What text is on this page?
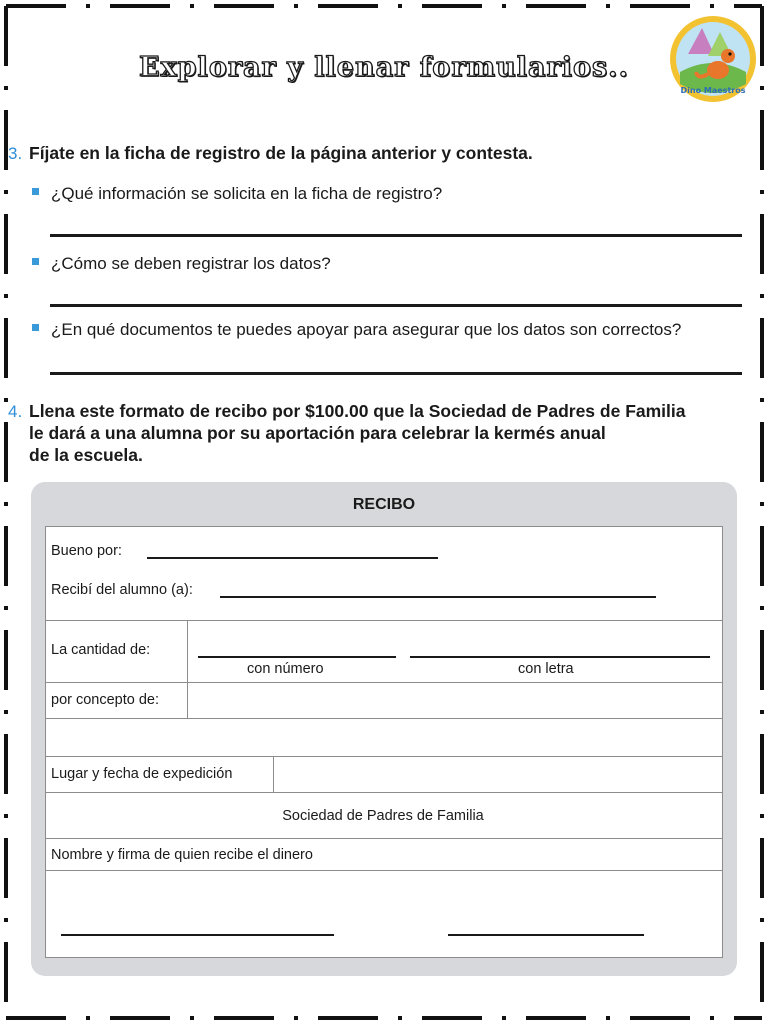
Explorar y llenar formularios..
Dino Maestros
3. Fíjate en la ficha de registro de la página anterior y contesta.
¿Qué información se solicita en la ficha de registro?
¿Cómo se deben registrar los datos?
¿En qué documentos te puedes apoyar para asegurar que los datos son correctos?
4. Llena este formato de recibo por $100.00 que la Sociedad de Padres de Familia
le dará a una alumna por su aportación para celebrar la kermés anual
de la escuela.
RECIBO
Bueno por:
Recibí del alumno (a):
La cantidad de:
con número	con letra
por concepto de:
Lugar y fecha de expedición
Sociedad de Padres de Familia
Nombre y firma de quien recibe el dinero
